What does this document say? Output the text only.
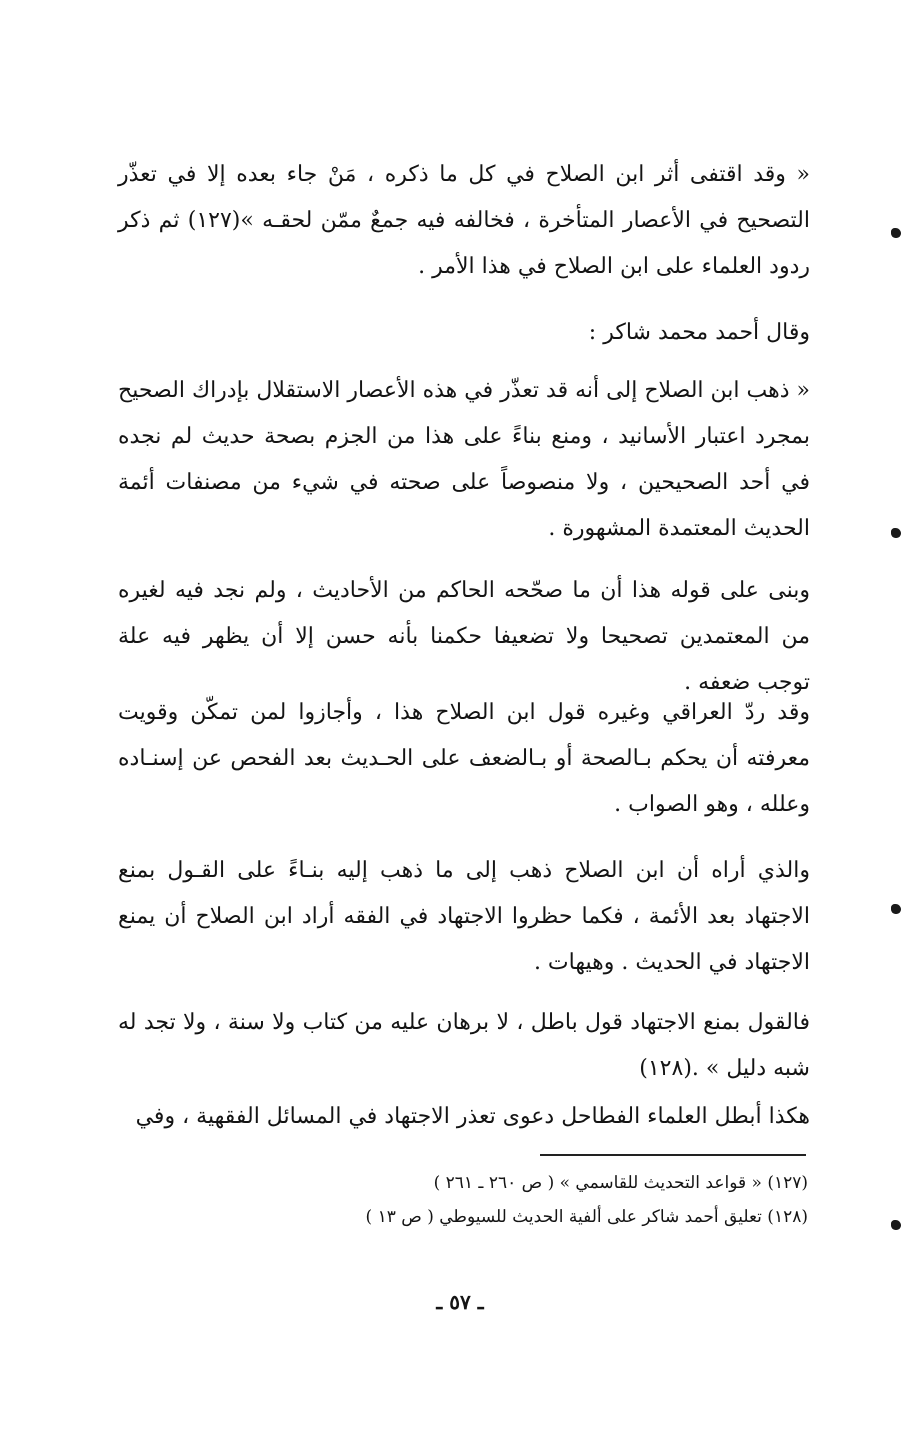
« وقد اقتفى أثر ابن الصلاح في كل ما ذكره ، مَنْ جاء بعده إلا في تعذّر التصحيح في الأعصار المتأخرة ، فخالفه فيه جمعٌ ممّن لحقـه »(١٢٧) ثم ذكر ردود العلماء على ابن الصلاح في هذا الأمر .

وقال أحمد محمد شاكر :

« ذهب ابن الصلاح إلى أنه قد تعذّر في هذه الأعصار الاستقلال بإدراك الصحيح بمجرد اعتبار الأسانيد ، ومنع بناءً على هذا من الجزم بصحة حديث لم نجده في أحد الصحيحين ، ولا منصوصاً على صحته في شيء من مصنفات أئمة الحديث المعتمدة المشهورة .

وبنى على قوله هذا أن ما صحّحه الحاكم من الأحاديث ، ولم نجد فيه لغيره من المعتمدين تصحيحا ولا تضعيفا حكمنا بأنه حسن إلا أن يظهر فيه علة توجب ضعفه .

وقد ردّ العراقي وغيره قول ابن الصلاح هذا ، وأجازوا لمن تمكّن وقويت معرفته أن يحكم بـالصحة أو بـالضعف على الحـديث بعد الفحص عن إسنـاده وعلله ، وهو الصواب .

والذي أراه أن ابن الصلاح ذهب إلى ما ذهب إليه بنـاءً على القـول بمنع الاجتهاد بعد الأئمة ، فكما حظروا الاجتهاد في الفقه أراد ابن الصلاح أن يمنع الاجتهاد في الحديث . وهيهات .

فالقول بمنع الاجتهاد قول باطل ، لا برهان عليه من كتاب ولا سنة ، ولا تجد له شبه دليل » .(١٢٨)

هكذا أبطل العلماء الفطاحل دعوى تعذر الاجتهاد في المسائل الفقهية ، وفي

(١٢٧) « قواعد التحديث للقاسمي » ( ص ٢٦٠ ـ ٢٦١ )

(١٢٨) تعليق أحمد شاكر على ألفية الحديث للسيوطي ( ص ١٣ )

ـ ٥٧ ـ
